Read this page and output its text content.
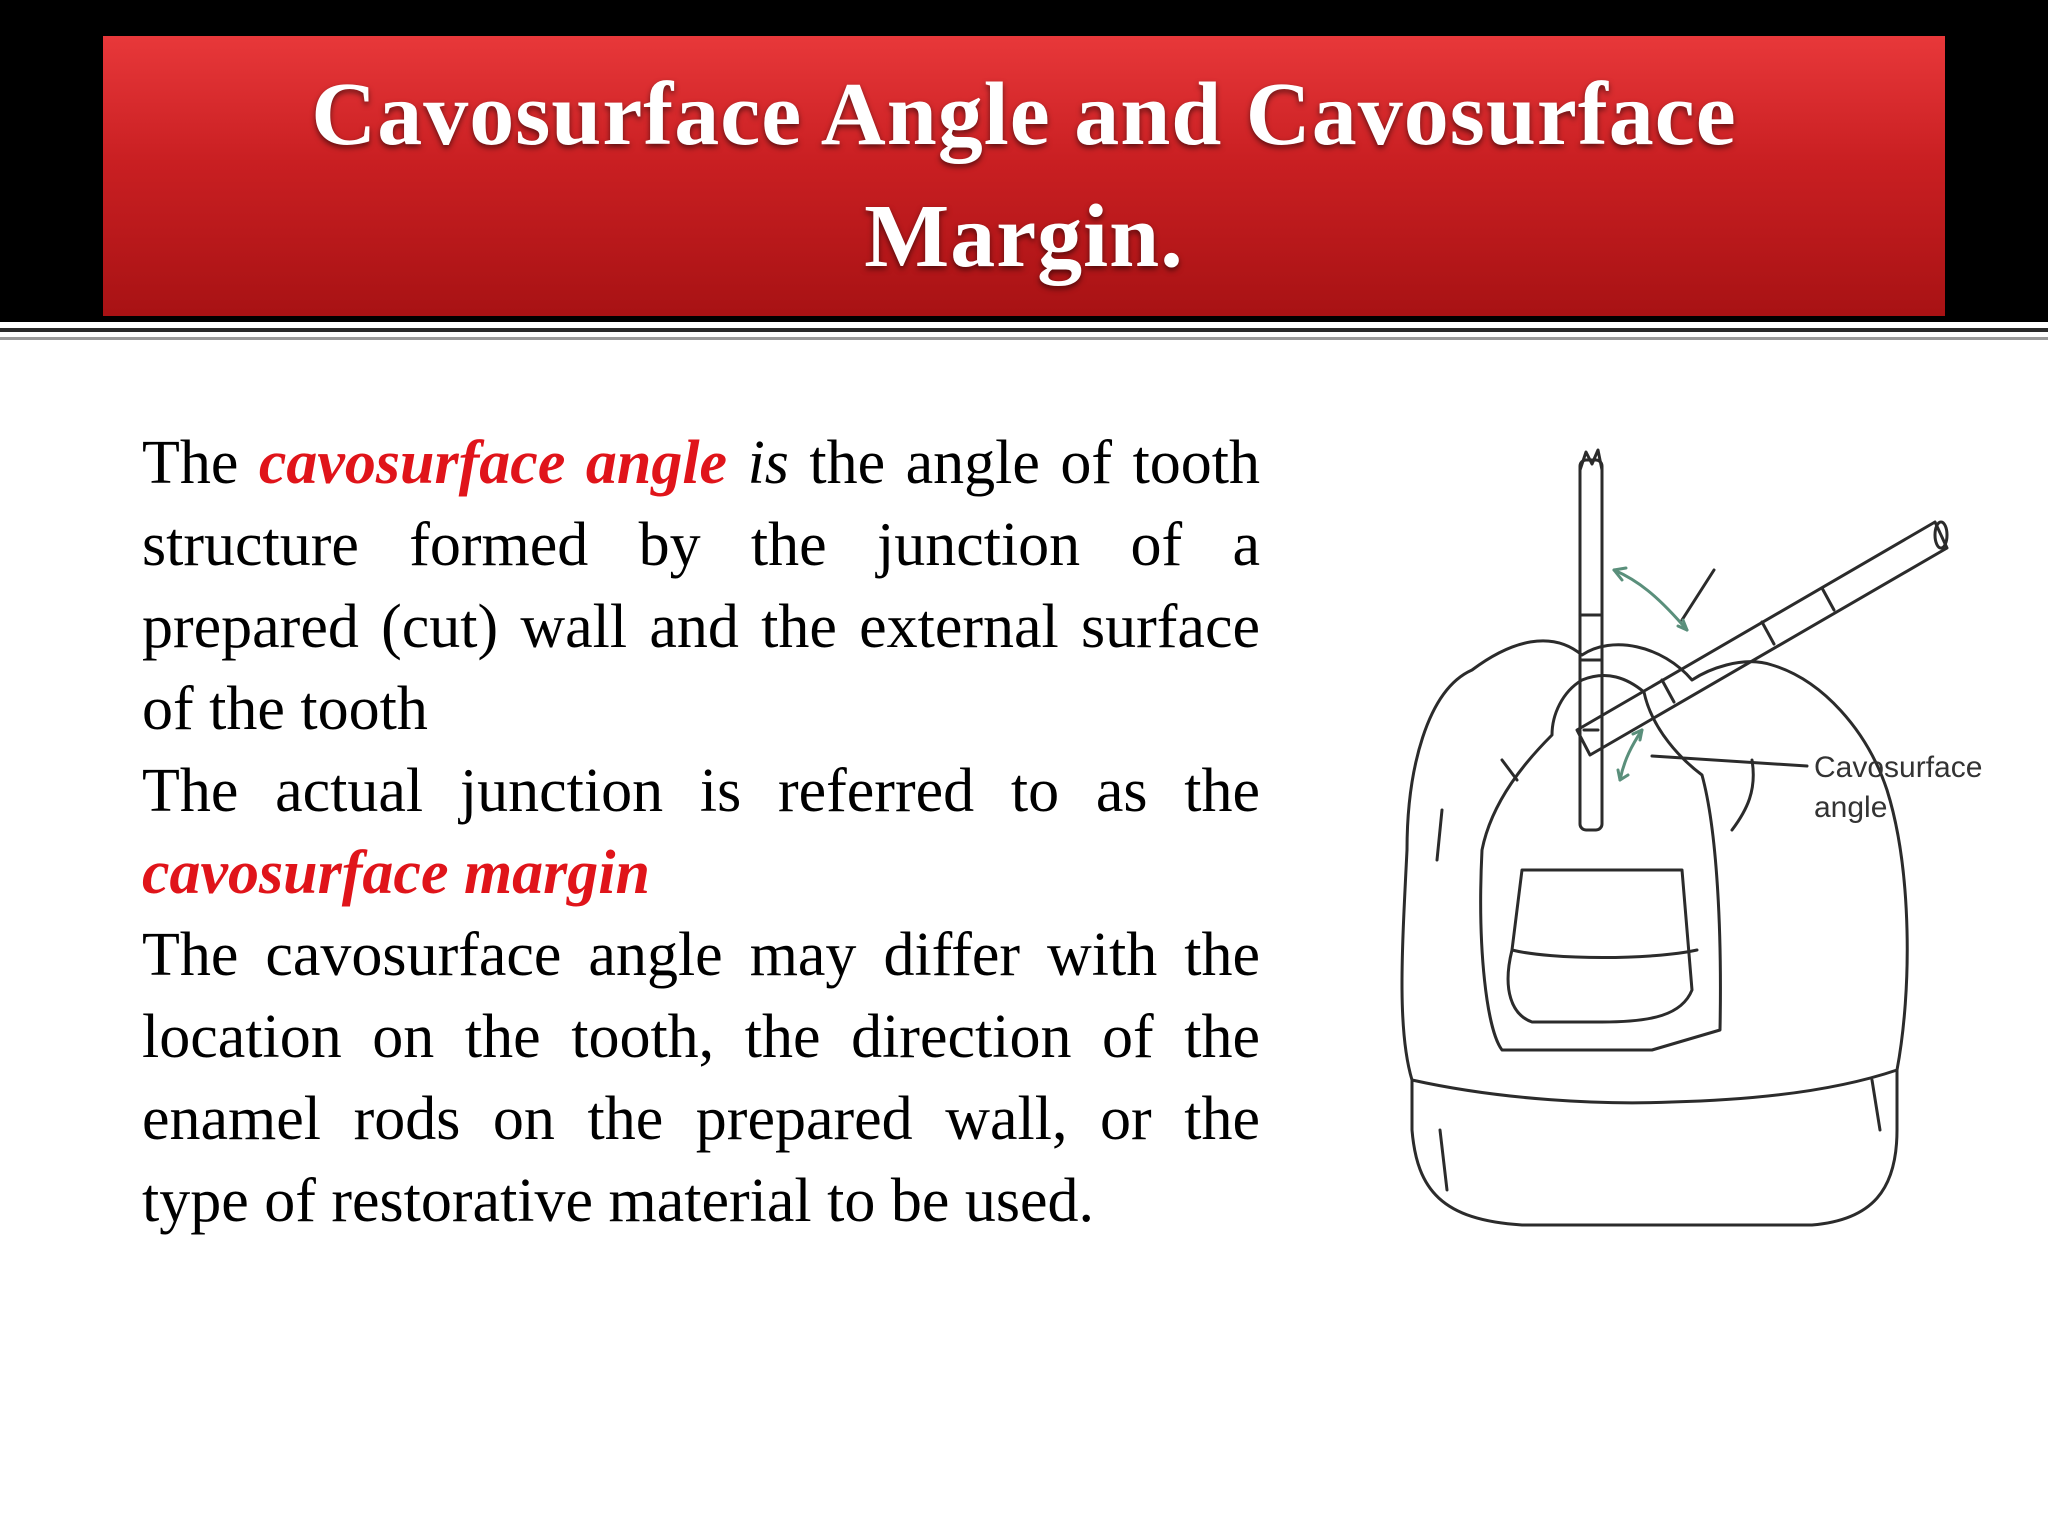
Cavosurface Angle and Cavosurface Margin.
The cavosurface angle is the angle of tooth structure formed by the junction of a prepared (cut) wall and the external surface of the tooth
The actual junction is referred to as the cavosurface margin
The cavosurface angle may differ with the location on the tooth, the direction of the enamel rods on the prepared wall, or the type of restorative material to be used.
Cavosurface
angle
